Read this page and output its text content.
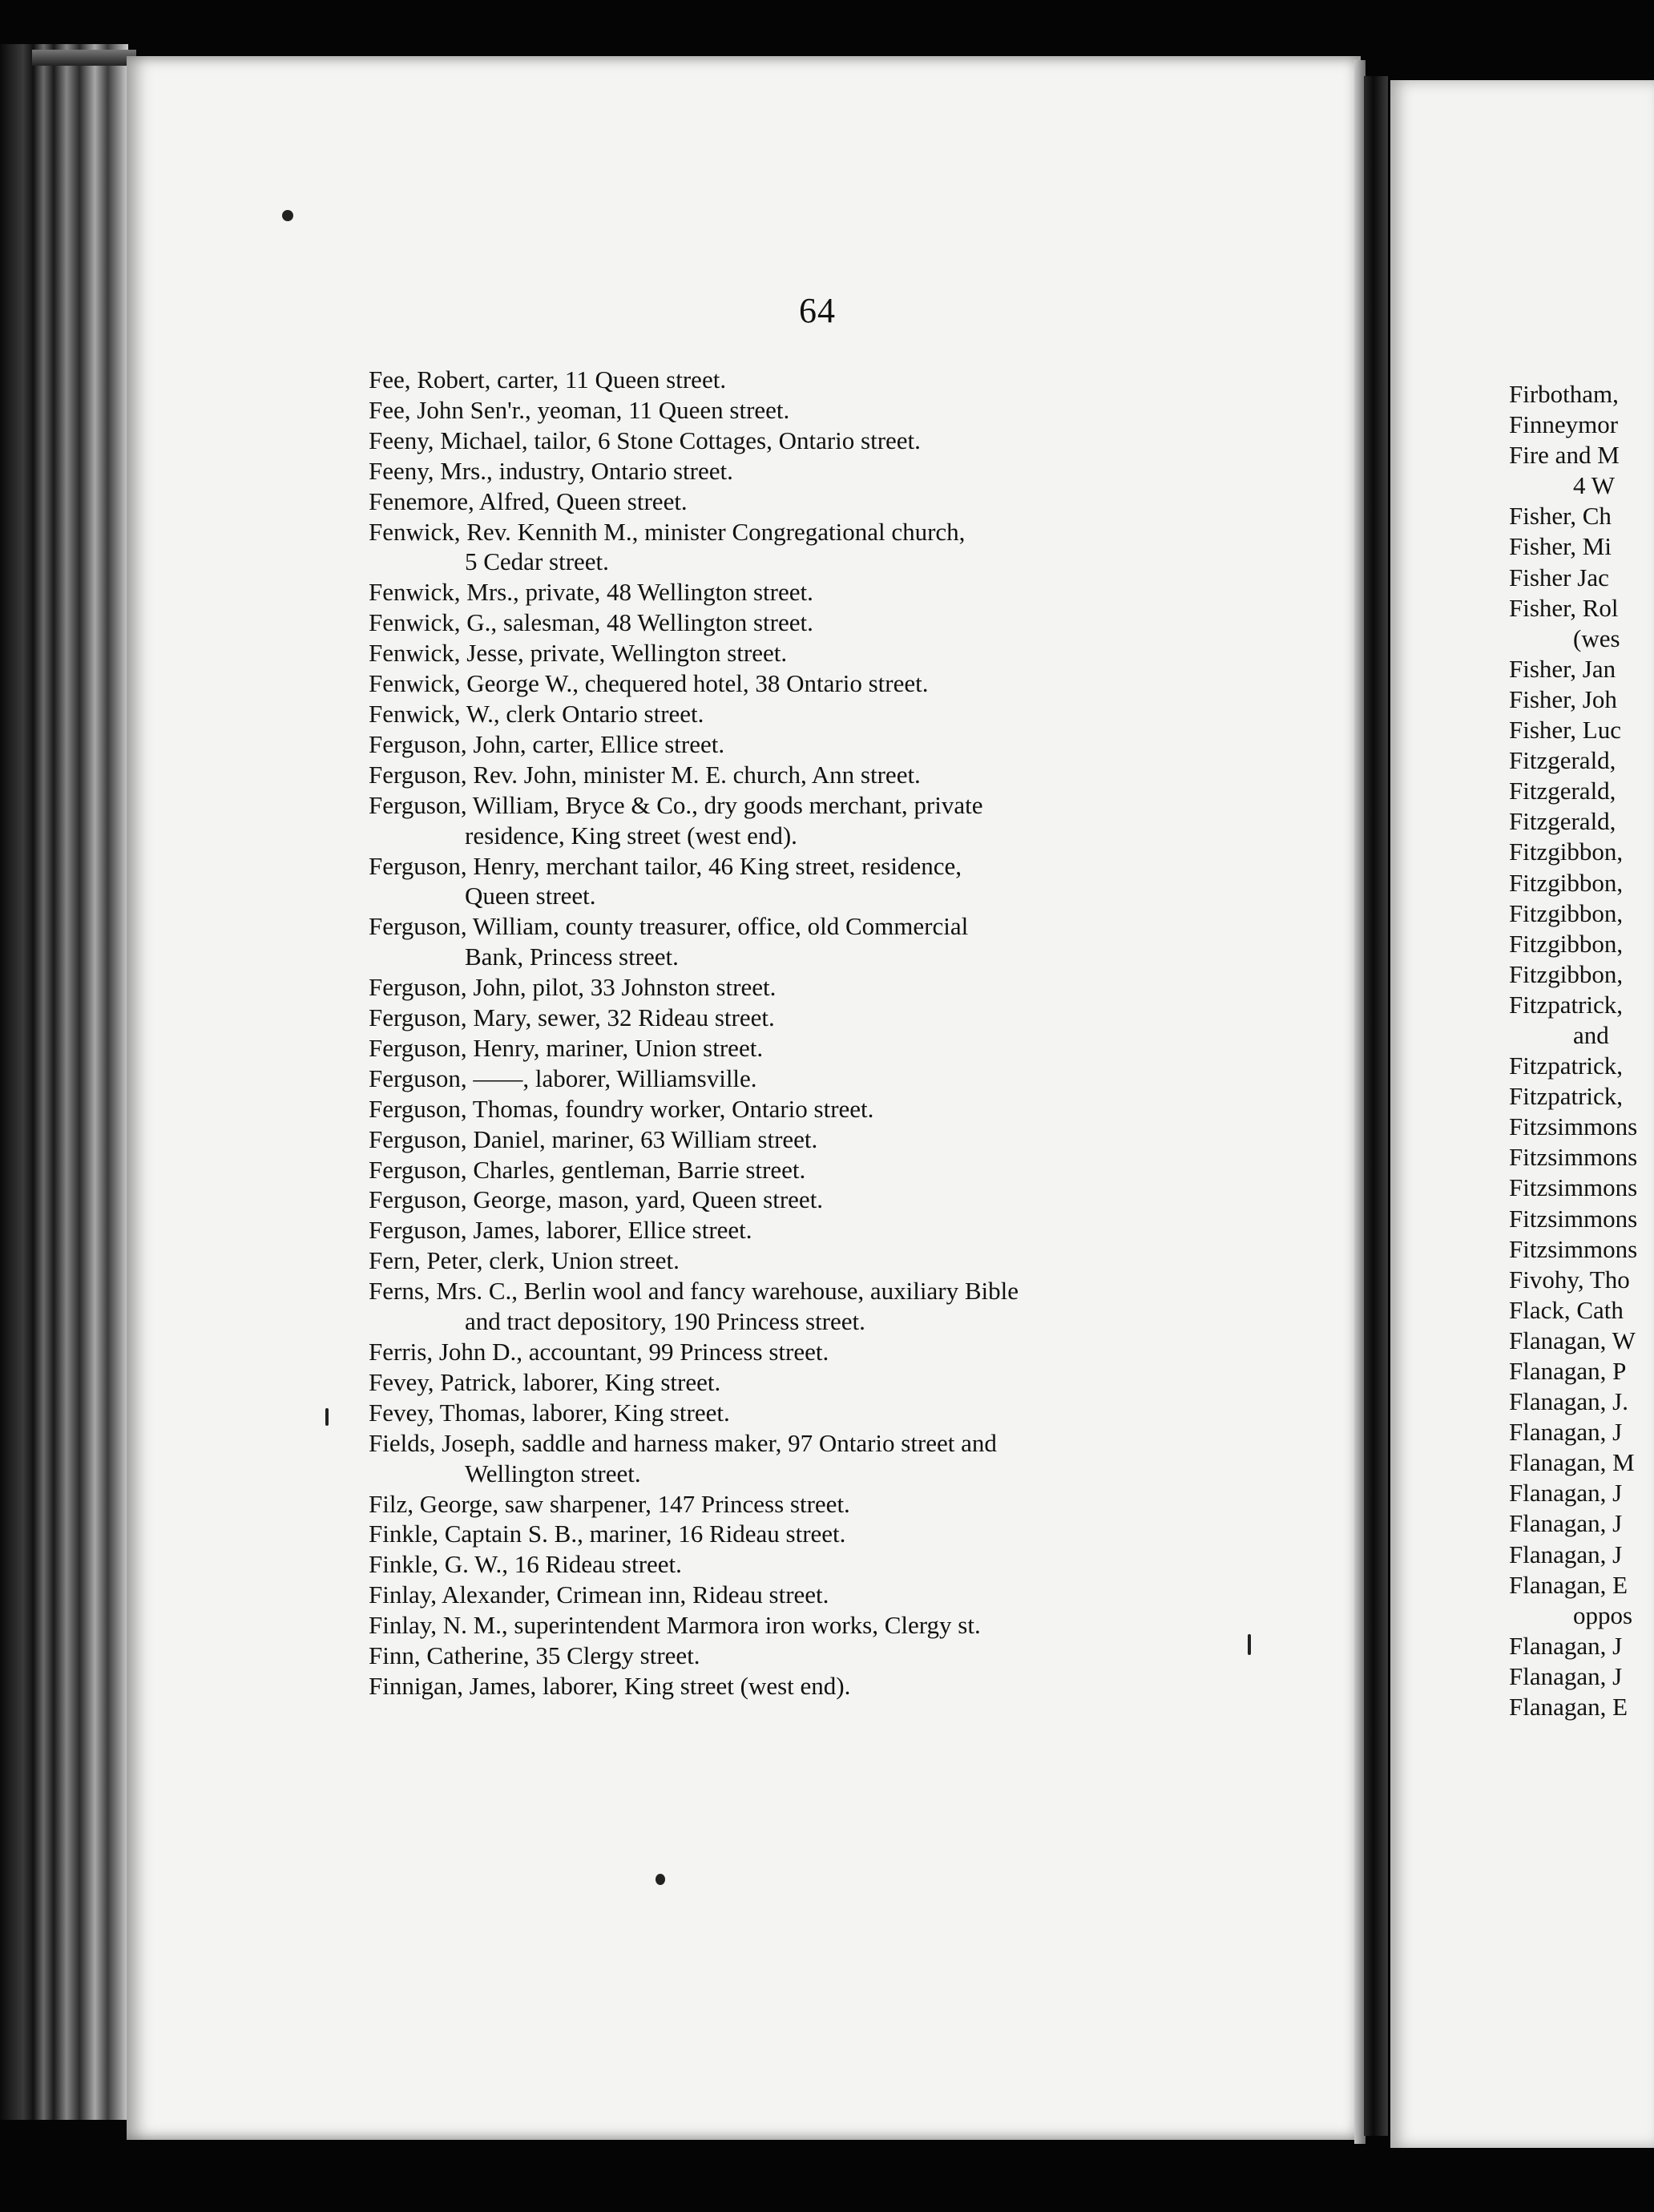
64
Fee, Robert, carter, 11 Queen street.
Fee, John Sen'r., yeoman, 11 Queen street.
Feeny, Michael, tailor, 6 Stone Cottages, Ontario street.
Feeny, Mrs., industry, Ontario street.
Fenemore, Alfred, Queen street.
Fenwick, Rev. Kennith M., minister Congregational church,
5 Cedar street.
Fenwick, Mrs., private, 48 Wellington street.
Fenwick, G., salesman, 48 Wellington street.
Fenwick, Jesse, private, Wellington street.
Fenwick, George W., chequered hotel, 38 Ontario street.
Fenwick, W., clerk Ontario street.
Ferguson, John, carter, Ellice street.
Ferguson, Rev. John, minister M. E. church, Ann street.
Ferguson, William, Bryce & Co., dry goods merchant, private
residence, King street (west end).
Ferguson, Henry, merchant tailor, 46 King street, residence,
Queen street.
Ferguson, William, county treasurer, office, old Commercial
Bank, Princess street.
Ferguson, John, pilot, 33 Johnston street.
Ferguson, Mary, sewer, 32 Rideau street.
Ferguson, Henry, mariner, Union street.
Ferguson, ——, laborer, Williamsville.
Ferguson, Thomas, foundry worker, Ontario street.
Ferguson, Daniel, mariner, 63 William street.
Ferguson, Charles, gentleman, Barrie street.
Ferguson, George, mason, yard, Queen street.
Ferguson, James, laborer, Ellice street.
Fern, Peter, clerk, Union street.
Ferns, Mrs. C., Berlin wool and fancy warehouse, auxiliary Bible
and tract depository, 190 Princess street.
Ferris, John D., accountant, 99 Princess street.
Fevey, Patrick, laborer, King street.
Fevey, Thomas, laborer, King street.
Fields, Joseph, saddle and harness maker, 97 Ontario street and
Wellington street.
Filz, George, saw sharpener, 147 Princess street.
Finkle, Captain S. B., mariner, 16 Rideau street.
Finkle, G. W., 16 Rideau street.
Finlay, Alexander, Crimean inn, Rideau street.
Finlay, N. M., superintendent Marmora iron works, Clergy st.
Finn, Catherine, 35 Clergy street.
Finnigan, James, laborer, King street (west end).
Firbotham,
Finneymor
Fire and M
4 W
Fisher, Ch
Fisher, Mi
Fisher Jac
Fisher, Rol
(wes
Fisher, Jan
Fisher, Joh
Fisher, Luc
Fitzgerald,
Fitzgerald,
Fitzgerald,
Fitzgibbon,
Fitzgibbon,
Fitzgibbon,
Fitzgibbon,
Fitzgibbon,
Fitzpatrick,
and
Fitzpatrick,
Fitzpatrick,
Fitzsimmons
Fitzsimmons
Fitzsimmons
Fitzsimmons
Fitzsimmons
Fivohy, Tho
Flack, Cath
Flanagan, W
Flanagan, P
Flanagan, J.
Flanagan, J
Flanagan, M
Flanagan, J
Flanagan, J
Flanagan, J
Flanagan, E
oppos
Flanagan, J
Flanagan, J
Flanagan, E
